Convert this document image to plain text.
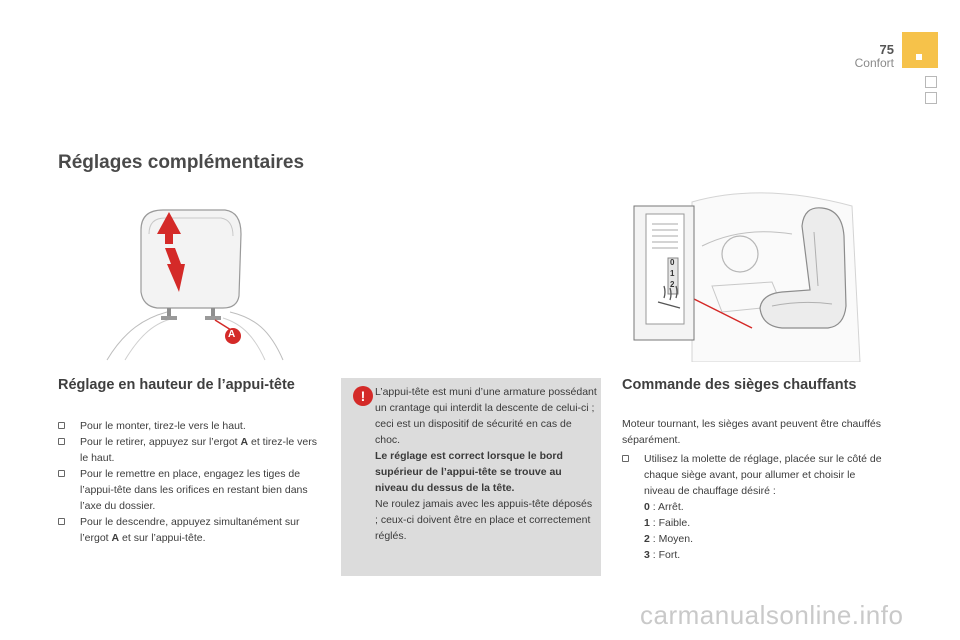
75
Confort
Réglages complémentaires
A
0
1
2
Réglage en hauteur de l’appui-tête
Pour le monter, tirez-le vers le haut.
Pour le retirer, appuyez sur l’ergot A et tirez-le vers le haut.
Pour le remettre en place, engagez les tiges de l’appui-tête dans les orifices en restant bien dans l’axe du dossier.
Pour le descendre, appuyez simultanément sur l’ergot A et sur l’appui-tête.
! L’appui-tête est muni d’une armature possédant un crantage qui interdit la descente de celui-ci ; ceci est un dispositif de sécurité en cas de choc.
Le réglage est correct lorsque le bord supérieur de l’appui-tête se trouve au niveau du dessus de la tête.
Ne roulez jamais avec les appuis-tête déposés ; ceux-ci doivent être en place et correctement réglés.
Commande des sièges chauffants
Moteur tournant, les sièges avant peuvent être chauffés séparément.
Utilisez la molette de réglage, placée sur le côté de chaque siège avant, pour allumer et choisir le niveau de chauffage désiré :
0 : Arrêt.
1 : Faible.
2 : Moyen.
3 : Fort.
carmanualsonline.info
